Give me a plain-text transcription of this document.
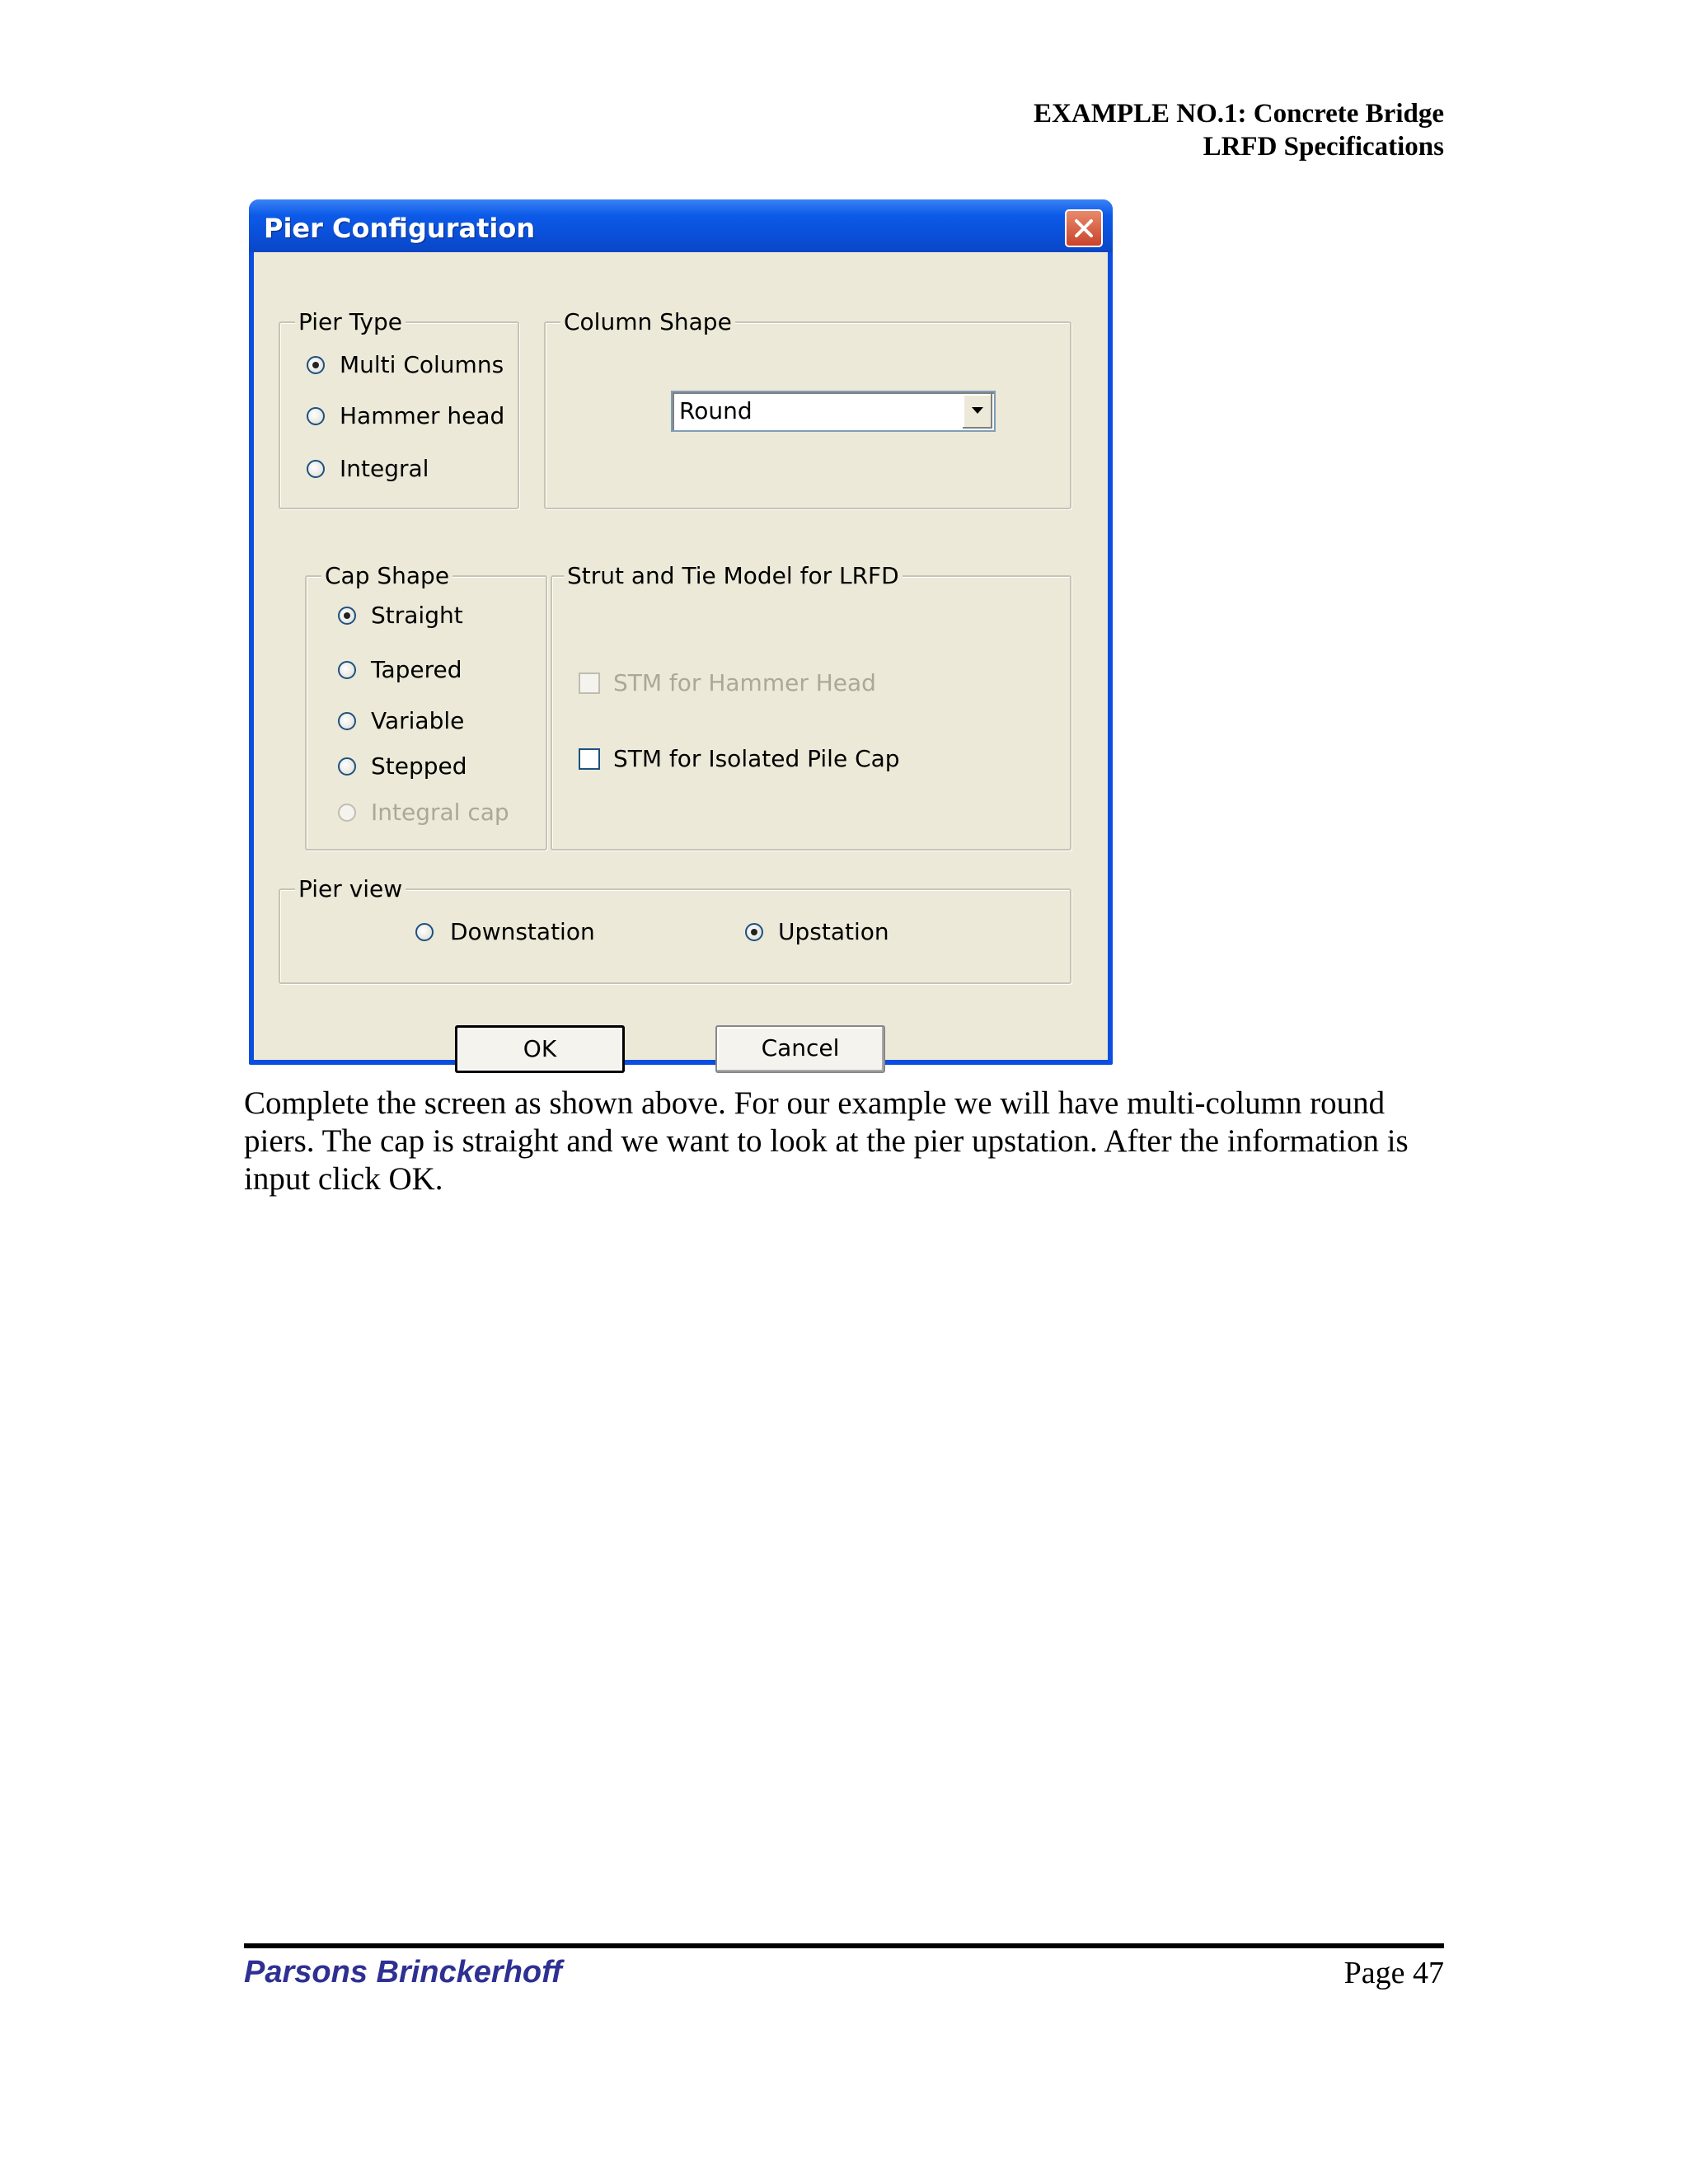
EXAMPLE NO.1: Concrete Bridge
LRFD Specifications
Pier Configuration
Pier Type
Multi Columns
Hammer head
Integral
Column Shape
Round
Cap Shape
Straight
Tapered
Variable
Stepped
Integral cap
Strut and Tie Model for LRFD
STM for Hammer Head
STM for Isolated Pile Cap
Pier view
Downstation	Upstation
OK	Cancel
Complete the screen as shown above. For our example we will have multi-column round piers. The cap is straight and we want to look at the pier upstation. After the information is input click OK.
Parsons Brinckerhoff	Page 47
